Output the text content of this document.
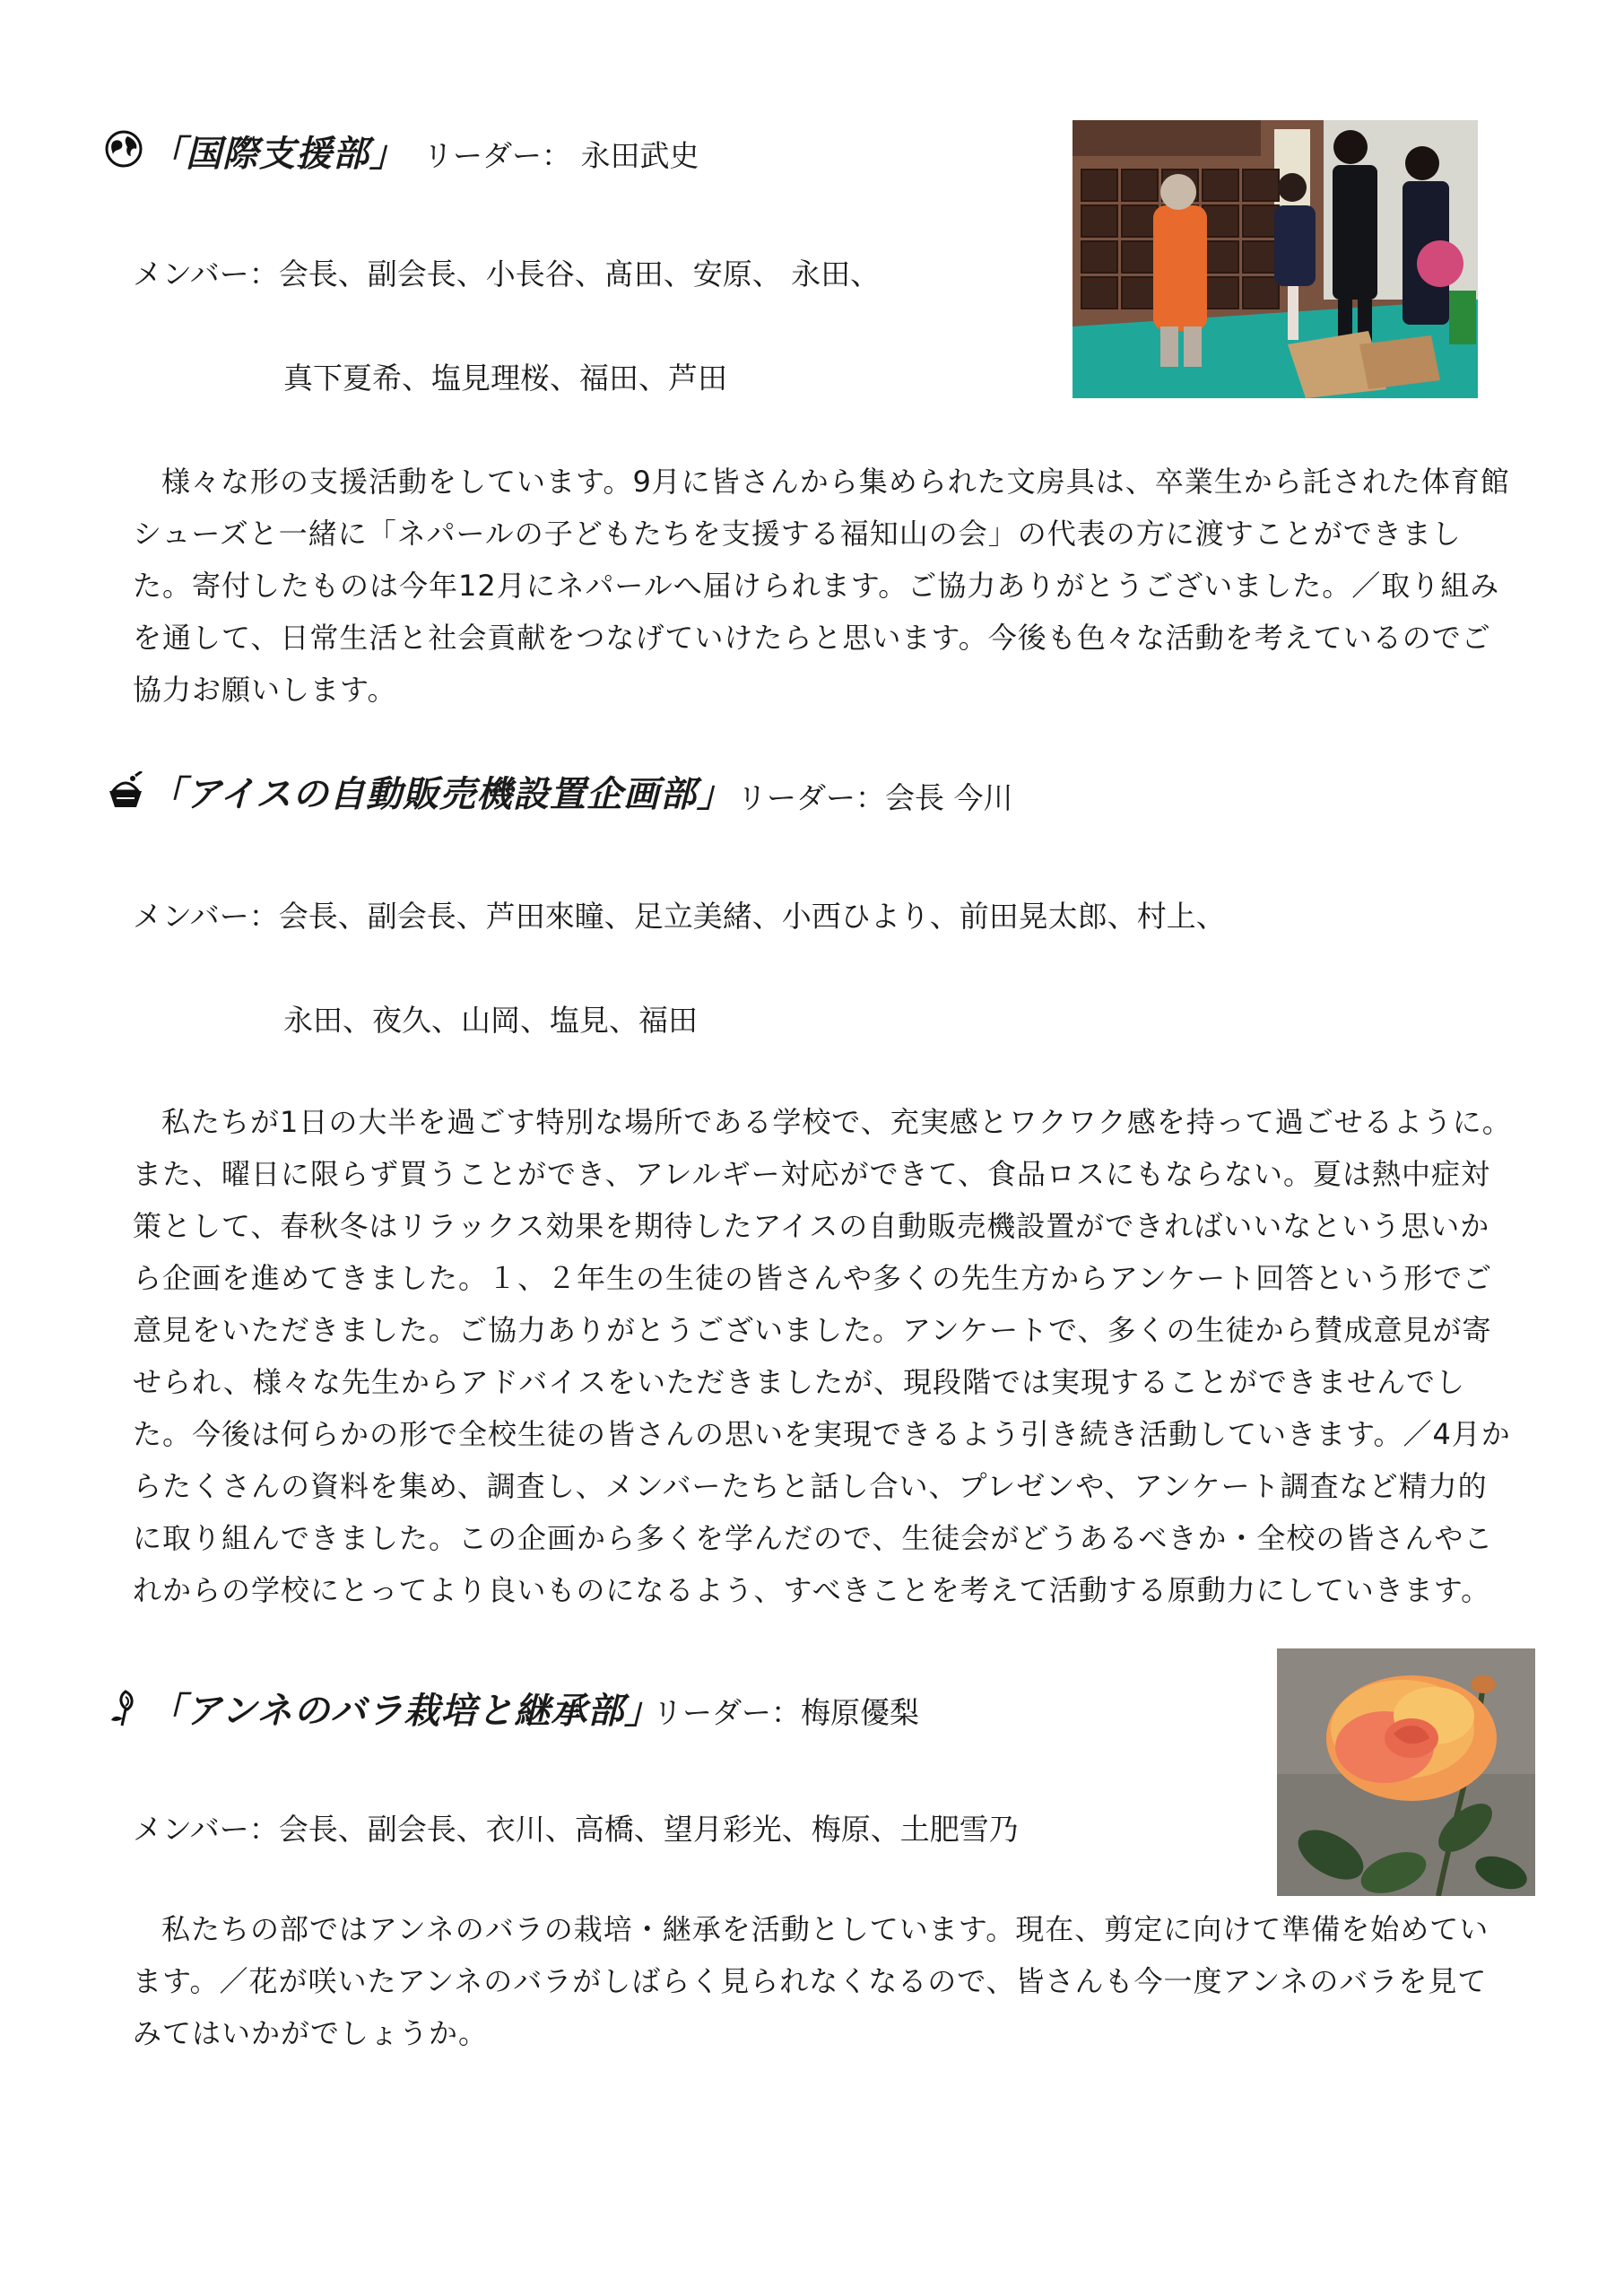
「国際支援部」 リーダー： 永田武史
メンバー：会長、副会長、小長谷、髙田、安原、 永田、
真下夏希、塩見理桜、福田、芦田
様々な形の支援活動をしています。9月に皆さんから集められた文房具は、卒業生から託された体育館
シューズと一緒に「ネパールの子どもたちを支援する福知山の会」の代表の方に渡すことができまし
た。寄付したものは今年12月にネパールへ届けられます。ご協力ありがとうございました。／取り組み
を通して、日常生活と社会貢献をつなげていけたらと思います。今後も色々な活動を考えているのでご
協力お願いします。
「アイスの自動販売機設置企画部」 リーダー：会長 今川
メンバー：会長、副会長、芦田來瞳、足立美緒、小西ひより、前田晃太郎、村上、
永田、夜久、山岡、塩見、福田
私たちが1日の大半を過ごす特別な場所である学校で、充実感とワクワク感を持って過ごせるように。
また、曜日に限らず買うことができ、アレルギー対応ができて、食品ロスにもならない。夏は熱中症対
策として、春秋冬はリラックス効果を期待したアイスの自動販売機設置ができればいいなという思いか
ら企画を進めてきました。１、２年生の生徒の皆さんや多くの先生方からアンケート回答という形でご
意見をいただきました。ご協力ありがとうございました。アンケートで、多くの生徒から賛成意見が寄
せられ、様々な先生からアドバイスをいただきましたが、現段階では実現することができませんでし
た。今後は何らかの形で全校生徒の皆さんの思いを実現できるよう引き続き活動していきます。／4月か
らたくさんの資料を集め、調査し、メンバーたちと話し合い、プレゼンや、アンケート調査など精力的
に取り組んできました。この企画から多くを学んだので、生徒会がどうあるべきか・全校の皆さんやこ
れからの学校にとってより良いものになるよう、すべきことを考えて活動する原動力にしていきます。
「アンネのバラ栽培と継承部」
リーダー：梅原優梨
メンバー：会長、副会長、衣川、高橋、望月彩光、梅原、土肥雪乃
私たちの部ではアンネのバラの栽培・継承を活動としています。現在、剪定に向けて準備を始めてい
ます。／花が咲いたアンネのバラがしばらく見られなくなるので、皆さんも今一度アンネのバラを見て
みてはいかがでしょうか。
